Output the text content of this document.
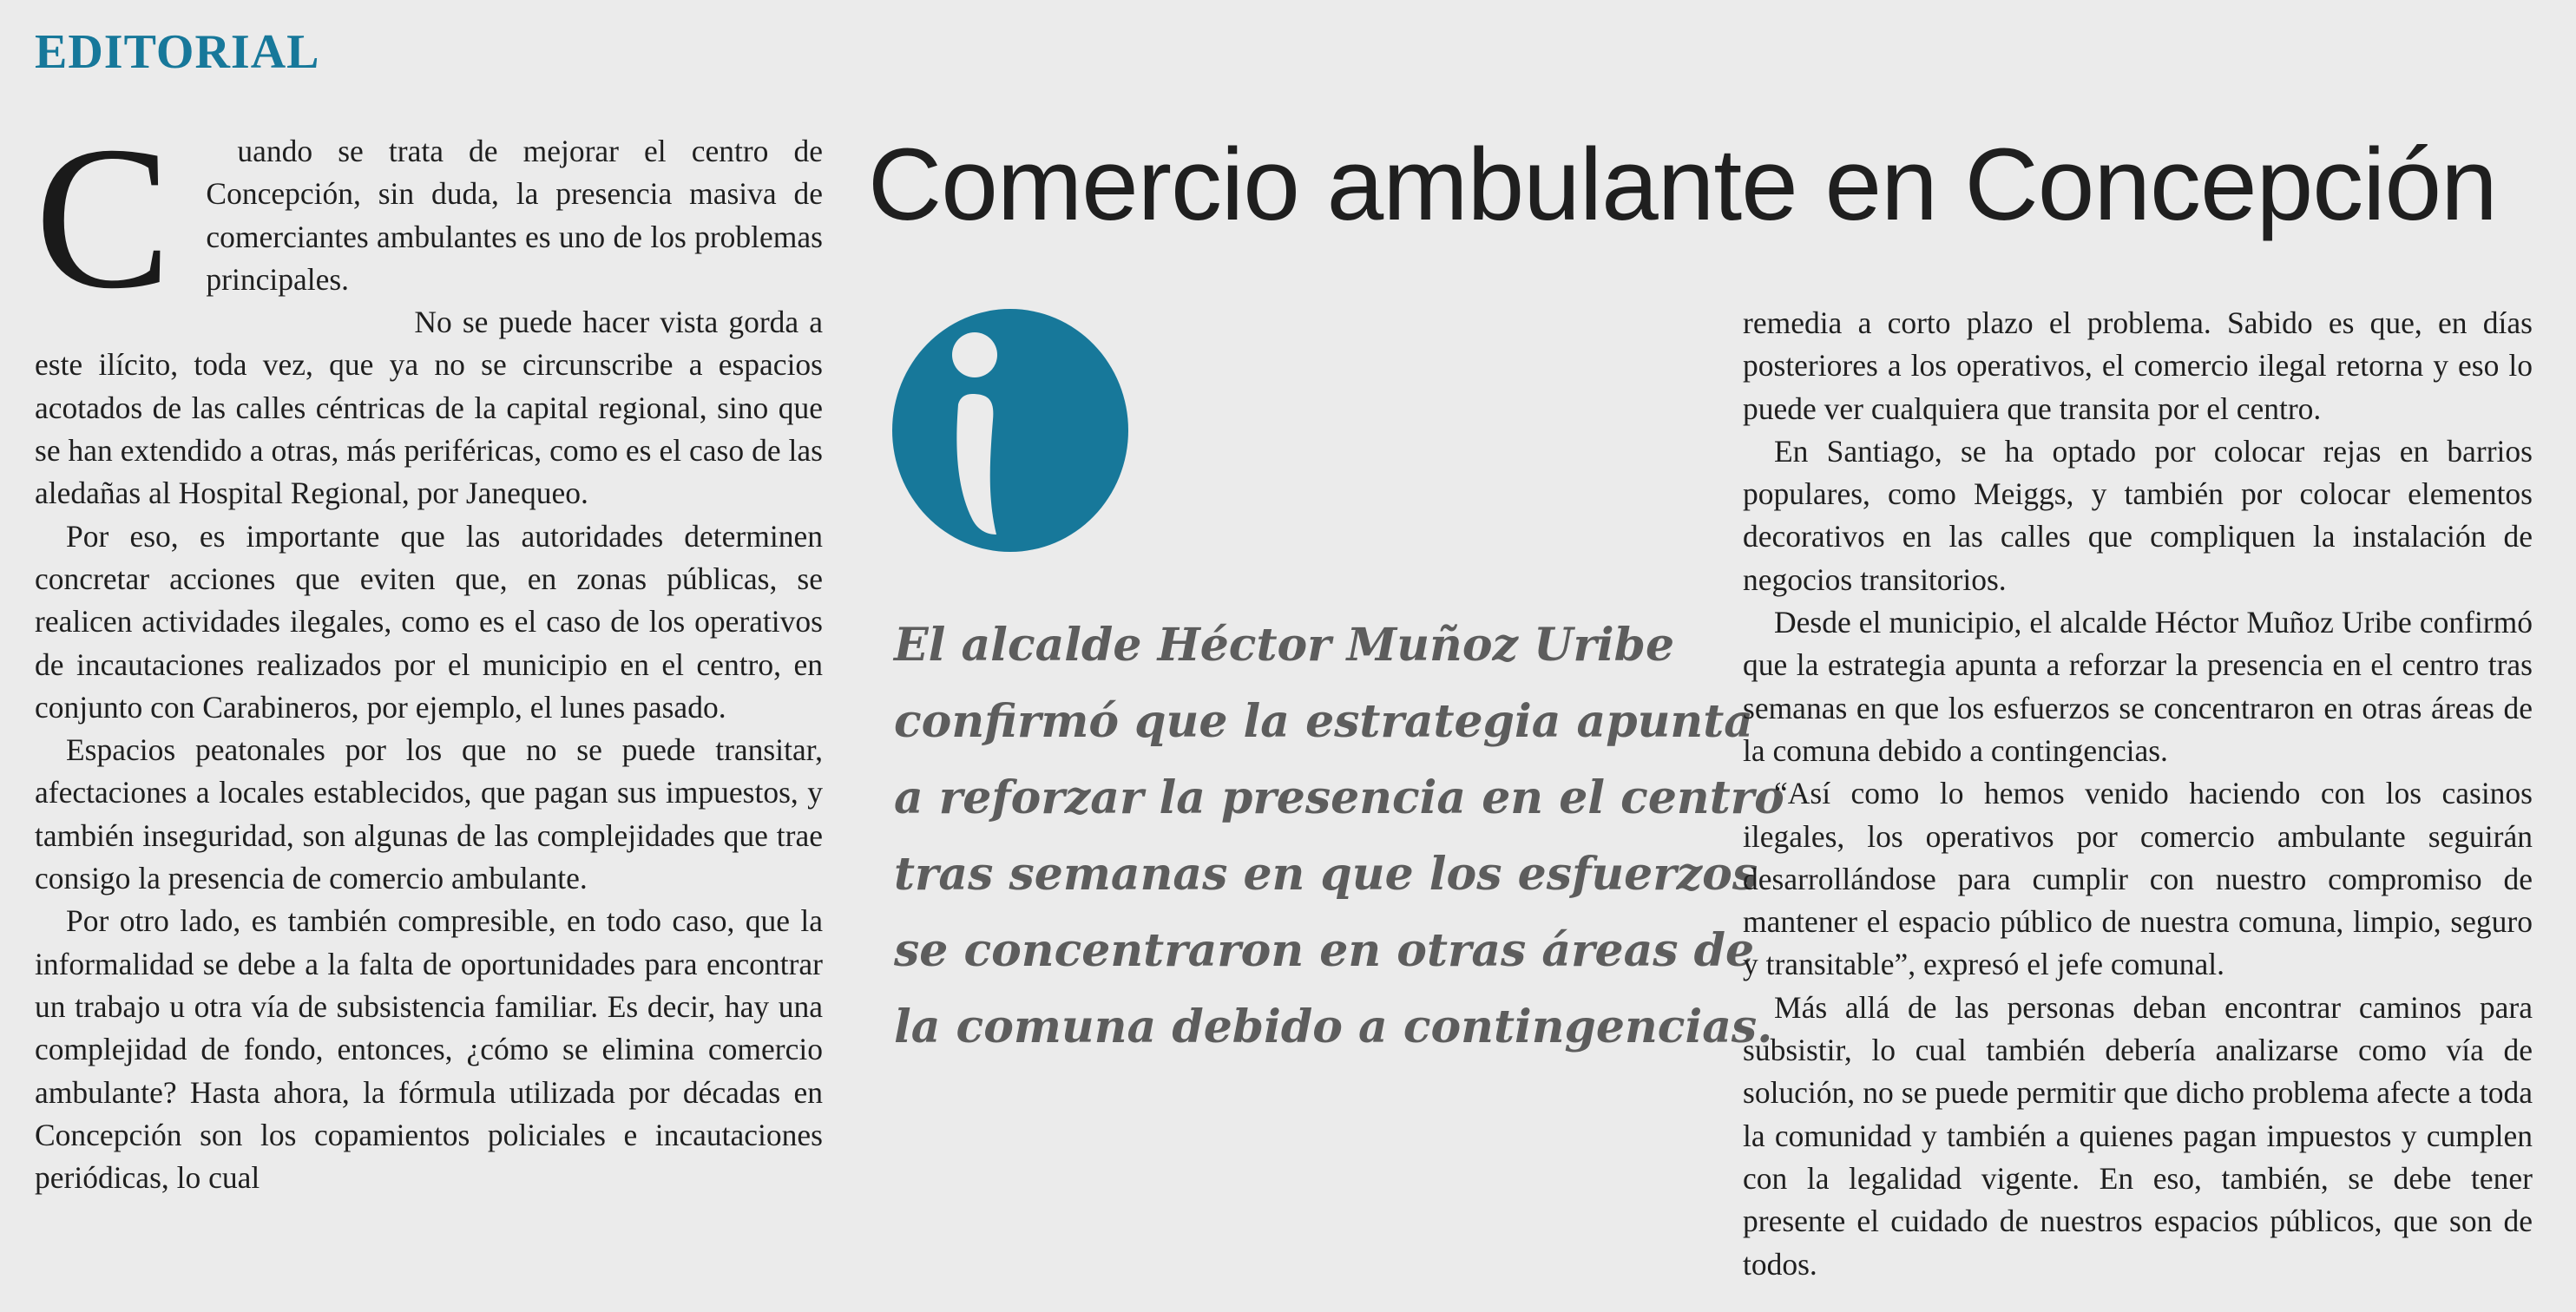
EDITORIAL
Comercio ambulante en Concepción
C	uando se trata de mejorar el centro de Concepción, sin duda, la presencia masiva de comerciantes ambulantes es uno de los problemas principales.

No se puede hacer vista gorda a este ilícito, toda vez, que ya no se circunscribe a espacios acotados de las calles céntricas de la capital regional, sino que se han extendido a otras, más periféricas, como es el caso de las aledañas al Hospital Regional, por Janequeo.

Por eso, es importante que las autoridades determinen concretar acciones que eviten que, en zonas públicas, se realicen actividades ilegales, como es el caso de los operativos de incautaciones realizados por el municipio en el centro, en conjunto con Carabineros, por ejemplo, el lunes pasado.

Espacios peatonales por los que no se puede transitar, afectaciones a locales establecidos, que pagan sus impuestos, y también inseguridad, son algunas de las complejidades que trae consigo la presencia de comercio ambulante.

Por otro lado, es también compresible, en todo caso, que la informalidad se debe a la falta de oportunidades para encontrar un trabajo u otra vía de subsistencia familiar. Es decir, hay una complejidad de fondo, entonces, ¿cómo se elimina comercio ambulante? Hasta ahora, la fórmula utilizada por décadas en Concepción son los copamientos policiales e incautaciones periódicas, lo cual

El alcalde Héctor Muñoz Uribe
confirmó que la estrategia apunta
a reforzar la presencia en el centro
tras semanas en que los esfuerzos
se concentraron en otras áreas de
la comuna debido a contingencias.

remedia a corto plazo el problema. Sabido es que, en días posteriores a los operativos, el comercio ilegal retorna y eso lo puede ver cualquiera que transita por el centro.

En Santiago, se ha optado por colocar rejas en barrios populares, como Meiggs, y también por colocar elementos decorativos en las calles que compliquen la instalación de negocios transitorios.

Desde el municipio, el alcalde Héctor Muñoz Uribe confirmó que la estrategia apunta a reforzar la presencia en el centro tras semanas en que los esfuerzos se concentraron en otras áreas de la comuna debido a contingencias.

“Así como lo hemos venido haciendo con los casinos ilegales, los operativos por comercio ambulante seguirán desarrollándose para cumplir con nuestro compromiso de mantener el espacio público de nuestra comuna, limpio, seguro y transitable”, expresó el jefe comunal.

Más allá de las personas deban encontrar caminos para subsistir, lo cual también debería analizarse como vía de solución, no se puede permitir que dicho problema afecte a toda la comunidad y también a quienes pagan impuestos y cumplen con la legalidad vigente. En eso, también, se debe tener presente el cuidado de nuestros espacios públicos, que son de todos.
